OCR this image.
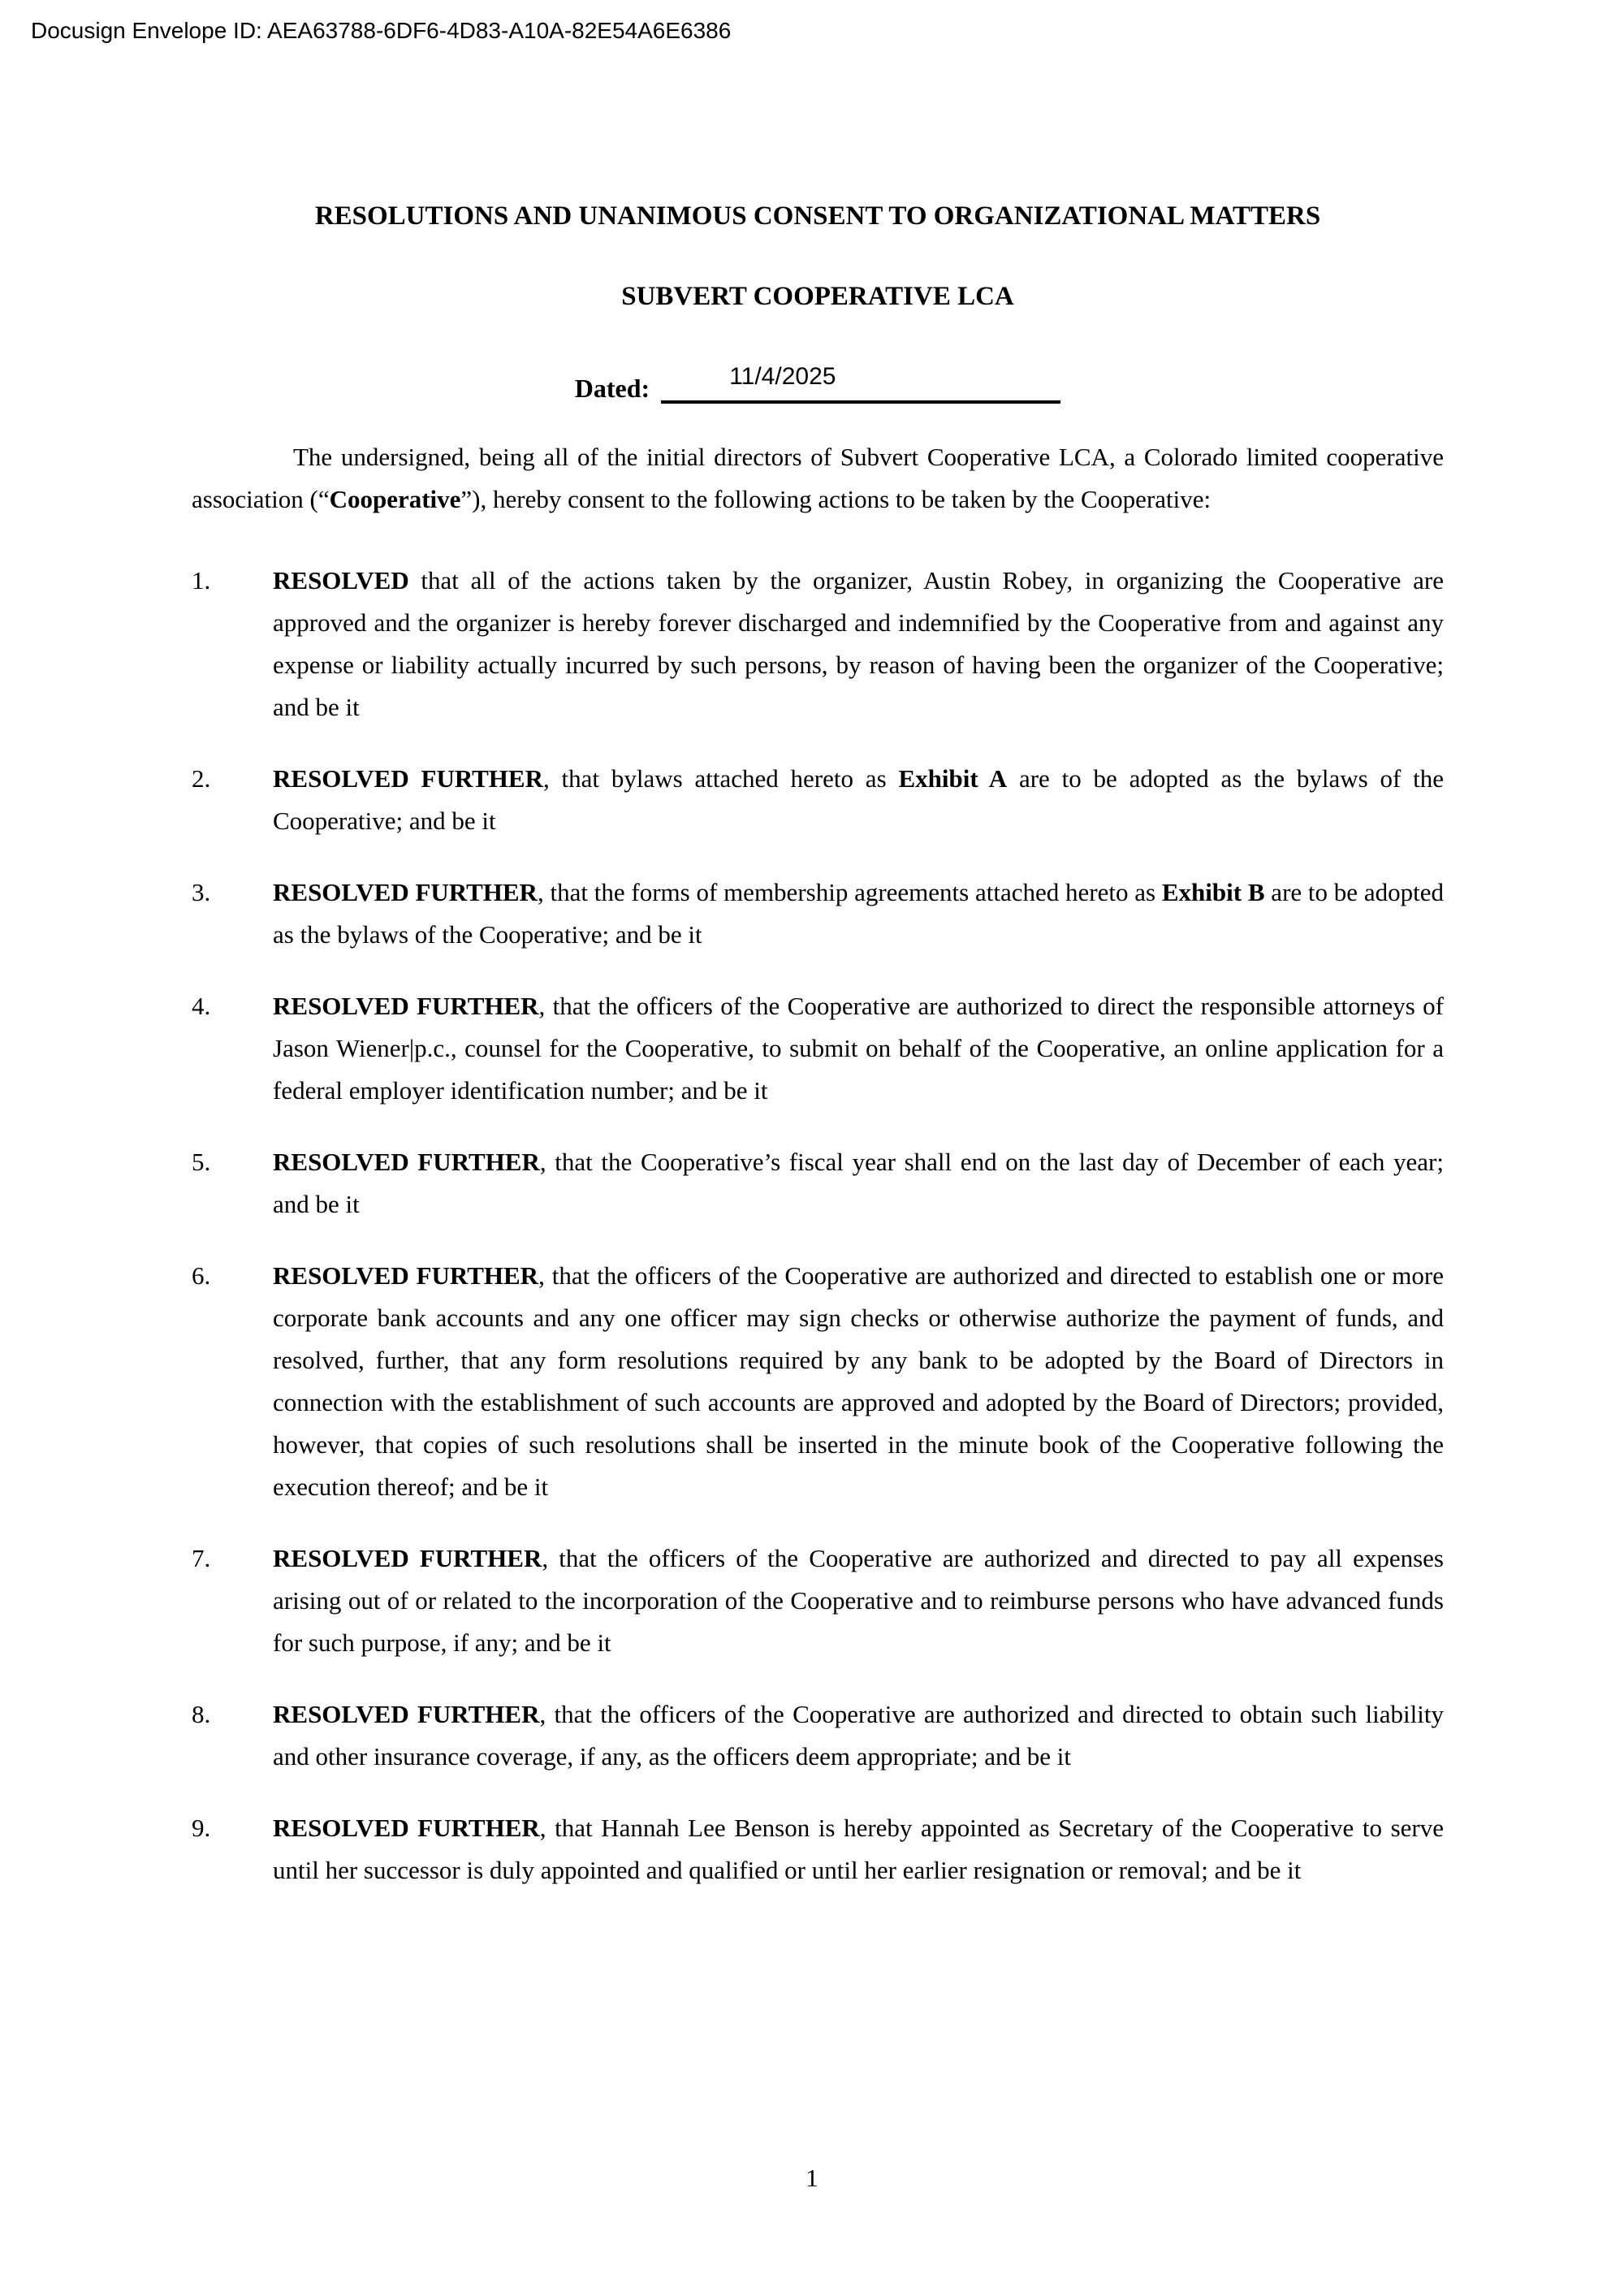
Docusign Envelope ID: AEA63788-6DF6-4D83-A10A-82E54A6E6386
RESOLUTIONS AND UNANIMOUS CONSENT TO ORGANIZATIONAL MATTERS
SUBVERT COOPERATIVE LCA
Dated:	11/4/2025

The undersigned, being all of the initial directors of Subvert Cooperative LCA, a Colorado limited cooperative association (“Cooperative”), hereby consent to the following actions to be taken by the Cooperative:

1. RESOLVED that all of the actions taken by the organizer, Austin Robey, in organizing the Cooperative are approved and the organizer is hereby forever discharged and indemnified by the Cooperative from and against any expense or liability actually incurred by such persons, by reason of having been the organizer of the Cooperative; and be it
2. RESOLVED FURTHER, that bylaws attached hereto as Exhibit A are to be adopted as the bylaws of the Cooperative; and be it
3. RESOLVED FURTHER, that the forms of membership agreements attached hereto as Exhibit B are to be adopted as the bylaws of the Cooperative; and be it
4. RESOLVED FURTHER, that the officers of the Cooperative are authorized to direct the responsible attorneys of Jason Wiener|p.c., counsel for the Cooperative, to submit on behalf of the Cooperative, an online application for a federal employer identification number; and be it
5. RESOLVED FURTHER, that the Cooperative’s fiscal year shall end on the last day of December of each year; and be it
6. RESOLVED FURTHER, that the officers of the Cooperative are authorized and directed to establish one or more corporate bank accounts and any one officer may sign checks or otherwise authorize the payment of funds, and resolved, further, that any form resolutions required by any bank to be adopted by the Board of Directors in connection with the establishment of such accounts are approved and adopted by the Board of Directors; provided, however, that copies of such resolutions shall be inserted in the minute book of the Cooperative following the execution thereof; and be it
7. RESOLVED FURTHER, that the officers of the Cooperative are authorized and directed to pay all expenses arising out of or related to the incorporation of the Cooperative and to reimburse persons who have advanced funds for such purpose, if any; and be it
8. RESOLVED FURTHER, that the officers of the Cooperative are authorized and directed to obtain such liability and other insurance coverage, if any, as the officers deem appropriate; and be it
9. RESOLVED FURTHER, that Hannah Lee Benson is hereby appointed as Secretary of the Cooperative to serve until her successor is duly appointed and qualified or until her earlier resignation or removal; and be it
1
